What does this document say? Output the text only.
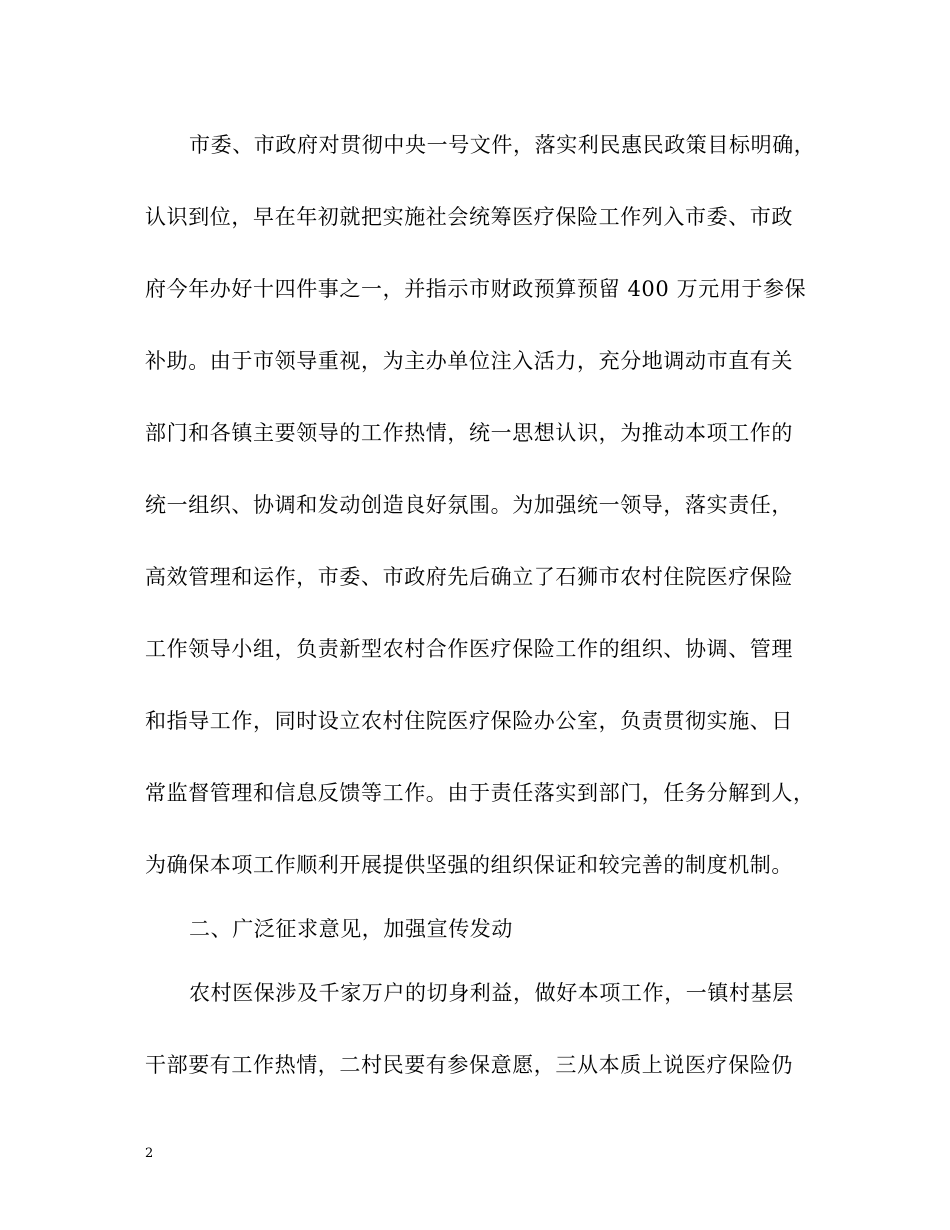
市委、市政府对贯彻中央一号文件，落实利民惠民政策目标明确，
认识到位，早在年初就把实施社会统筹医疗保险工作列入市委、市政
府今年办好十四件事之一，并指示市财政预算预留 400 万元用于参保
补助。由于市领导重视，为主办单位注入活力，充分地调动市直有关
部门和各镇主要领导的工作热情，统一思想认识，为推动本项工作的
统一组织、协调和发动创造良好氛围。为加强统一领导，落实责任，
高效管理和运作，市委、市政府先后确立了石狮市农村住院医疗保险
工作领导小组，负责新型农村合作医疗保险工作的组织、协调、管理
和指导工作，同时设立农村住院医疗保险办公室，负责贯彻实施、日
常监督管理和信息反馈等工作。由于责任落实到部门，任务分解到人，
为确保本项工作顺利开展提供坚强的组织保证和较完善的制度机制。
二、广泛征求意见，加强宣传发动
农村医保涉及千家万户的切身利益，做好本项工作，一镇村基层
干部要有工作热情，二村民要有参保意愿，三从本质上说医疗保险仍
2
